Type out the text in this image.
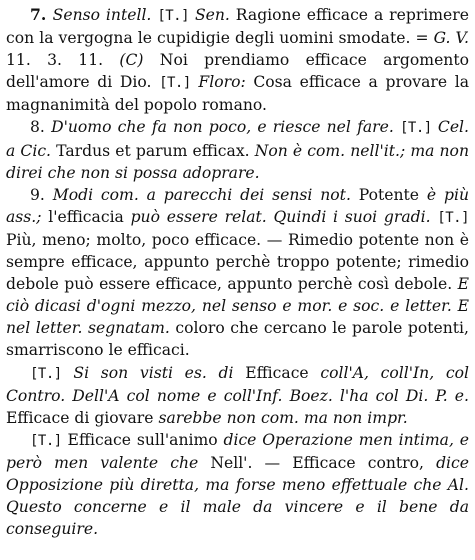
7. Senso intell. [T.] Sen. Ragione efficace a reprimere con la vergogna le cupidigie degli uomini smodate. = G. V. 11. 3. 11. (C) Noi prendiamo efficace argomento dell'amore di Dio. [T.] Floro: Cosa efficace a provare la magnanimità del popolo romano.

8. D'uomo che fa non poco, e riesce nel fare. [T.] Cel. a Cic. Tardus et parum efficax. Non è com. nell'it.; ma non direi che non si possa adoprare.

9. Modi com. a parecchi dei sensi not. Potente è più ass.; l'efficacia può essere relat. Quindi i suoi gradi. [T.] Più, meno; molto, poco efficace. — Rimedio potente non è sempre efficace, appunto perchè troppo potente; rimedio debole può essere efficace, appunto perchè così debole. E ciò dicasi d'ogni mezzo, nel senso e mor. e soc. e letter. E nel letter. segnatam. coloro che cercano le parole potenti, smarriscono le efficaci.

[T.] Si son visti es. di Efficace coll'A, coll'In, col Contro. Dell'A col nome e coll'Inf. Boez. l'ha col Di. P. e. Efficace di giovare sarebbe non com. ma non impr.

[T.] Efficace sull'animo dice Operazione men intima, e però men valente che Nell'. — Efficace contro, dice Opposizione più diretta, ma forse meno effettuale che Al. Questo concerne e il male da vincere e il bene da conseguire.
